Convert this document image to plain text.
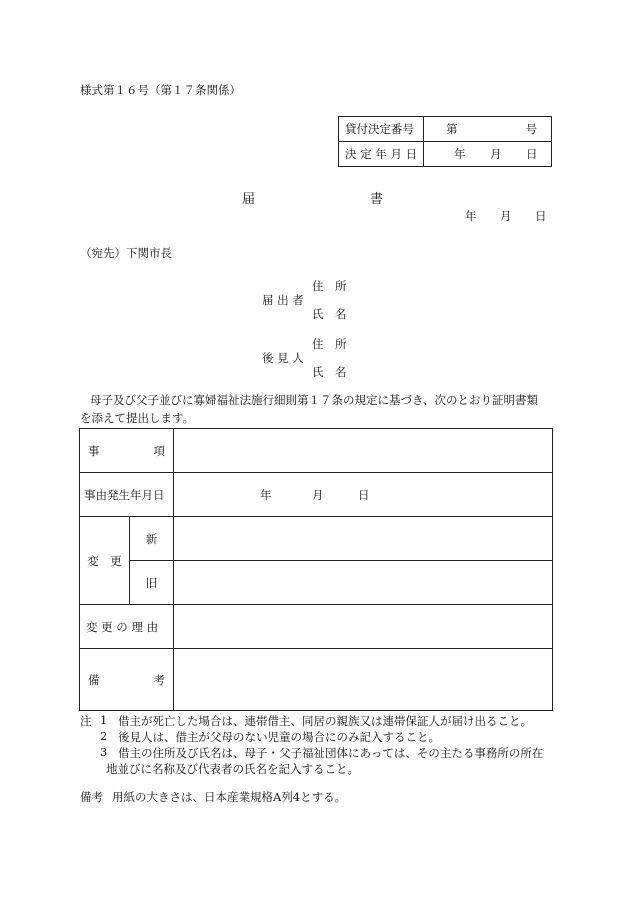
様式第１６号（第１７条関係）
貸付決定番号	第 号

決 定 年 月 日	年 月 日
届	書
年 月 日
（宛先）下関市長
住　所
届 出 者
氏　名
住　所
後 見 人
氏　名
母子及び父子並びに寡婦福祉法施行細則第１７条の規定に基づき、次のとおり証明書類
を添えて提出します。
事 項		

事由発生年月日		年 月 日

変　更	新	

	旧	

変 更 の 理 由		

備 考		

注 1 借主が死亡した場合は、連帯借主、同居の親族又は連帯保証人が届け出ること。
2 後見人は、借主が父母のない児童の場合にのみ記入すること。
3 借主の住所及び氏名は、母子・父子福祉団体にあっては、その主たる事務所の所在
地並びに名称及び代表者の氏名を記入すること。
備考 用紙の大きさは、日本産業規格A列4とする。
